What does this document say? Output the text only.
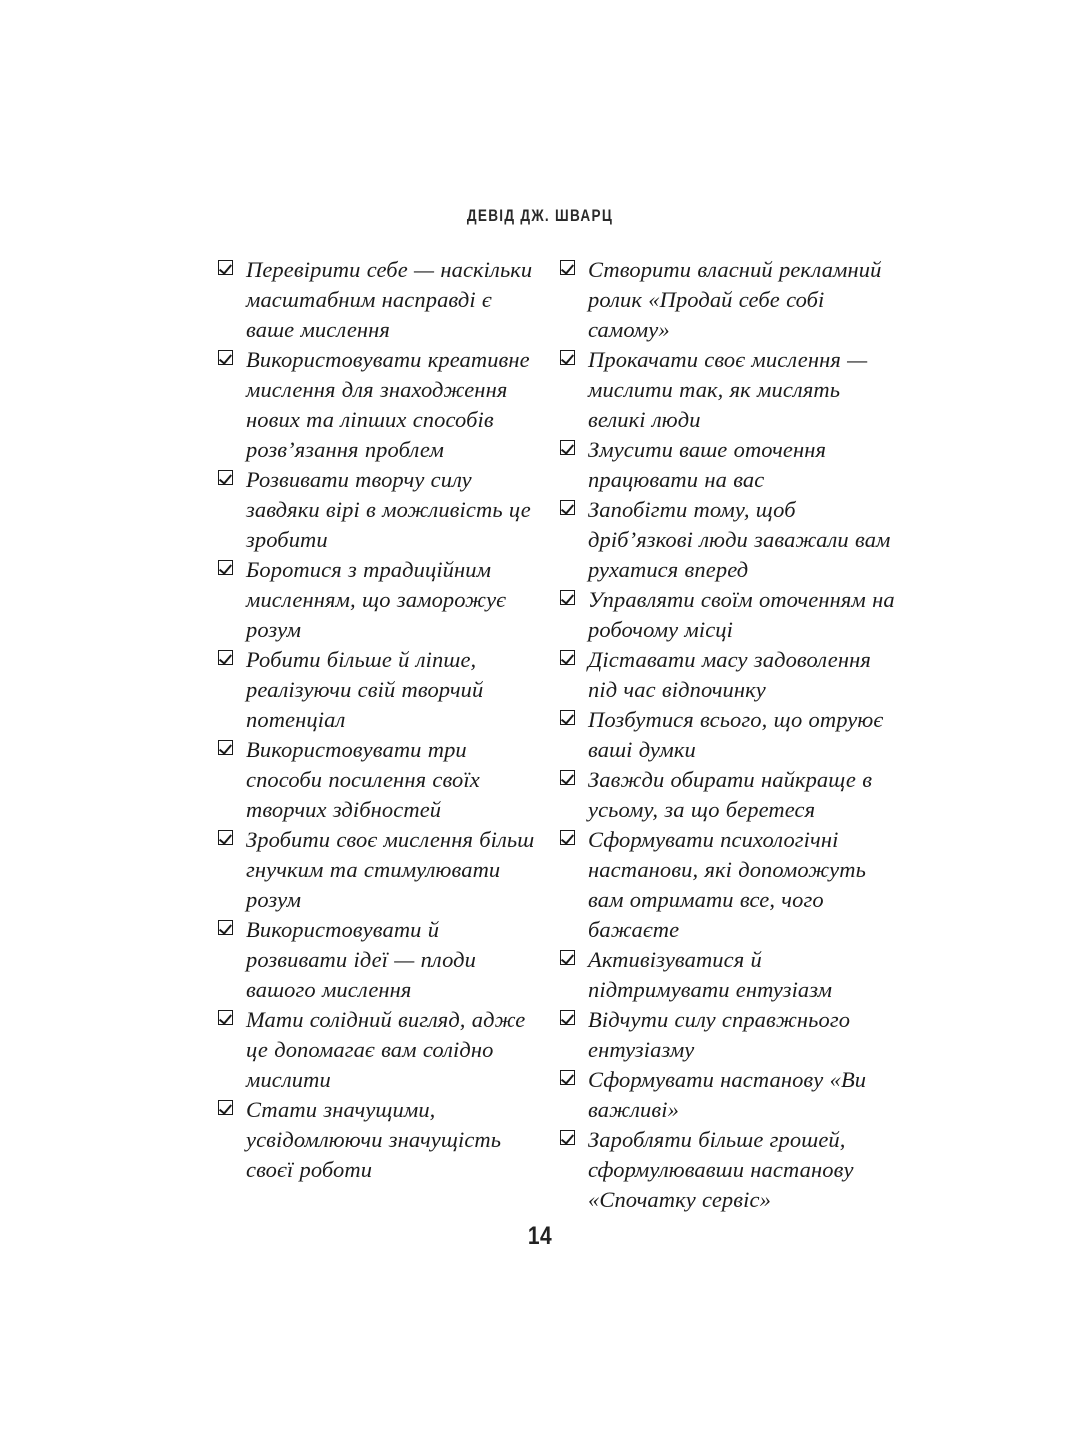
ДЕВІД ДЖ. ШВАРЦ
Перевірити себе — наскільки масштабним насправді є ваше мислення
Використовувати креативне мислення для знаходження нових та ліпших способів розв’язання проблем
Розвивати творчу силу завдяки вірі в можливість це зробити
Боротися з традиційним мисленням, що заморожує розум
Робити більше й ліпше, реалізуючи свій творчий потенціал
Використовувати три способи посилення своїх творчих здібностей
Зробити своє мислення більш гнучким та стимулювати розум
Використовувати й розвивати ідеї — плоди вашого мислення
Мати солідний вигляд, адже це допомагає вам солідно мислити
Стати значущими, усвідомлюючи значущість своєї роботи
Створити власний рекламний ролик «Продай себе собі самому»
Прокачати своє мислення — мислити так, як мислять великі люди
Змусити ваше оточення працювати на вас
Запобігти тому, щоб дріб’язкові люди заважали вам рухатися вперед
Управляти своїм оточенням на робочому місці
Діставати масу задоволення під час відпочинку
Позбутися всього, що отруює ваші думки
Завжди обирати найкраще в усьому, за що беретеся
Сформувати психологічні настанови, які допоможуть вам отримати все, чого бажаєте
Активізуватися й підтримувати ентузіазм
Відчути силу справжнього ентузіазму
Сформувати настанову «Ви важливі»
Заробляти більше грошей, сформулювавши настанову «Спочатку сервіс»
14
